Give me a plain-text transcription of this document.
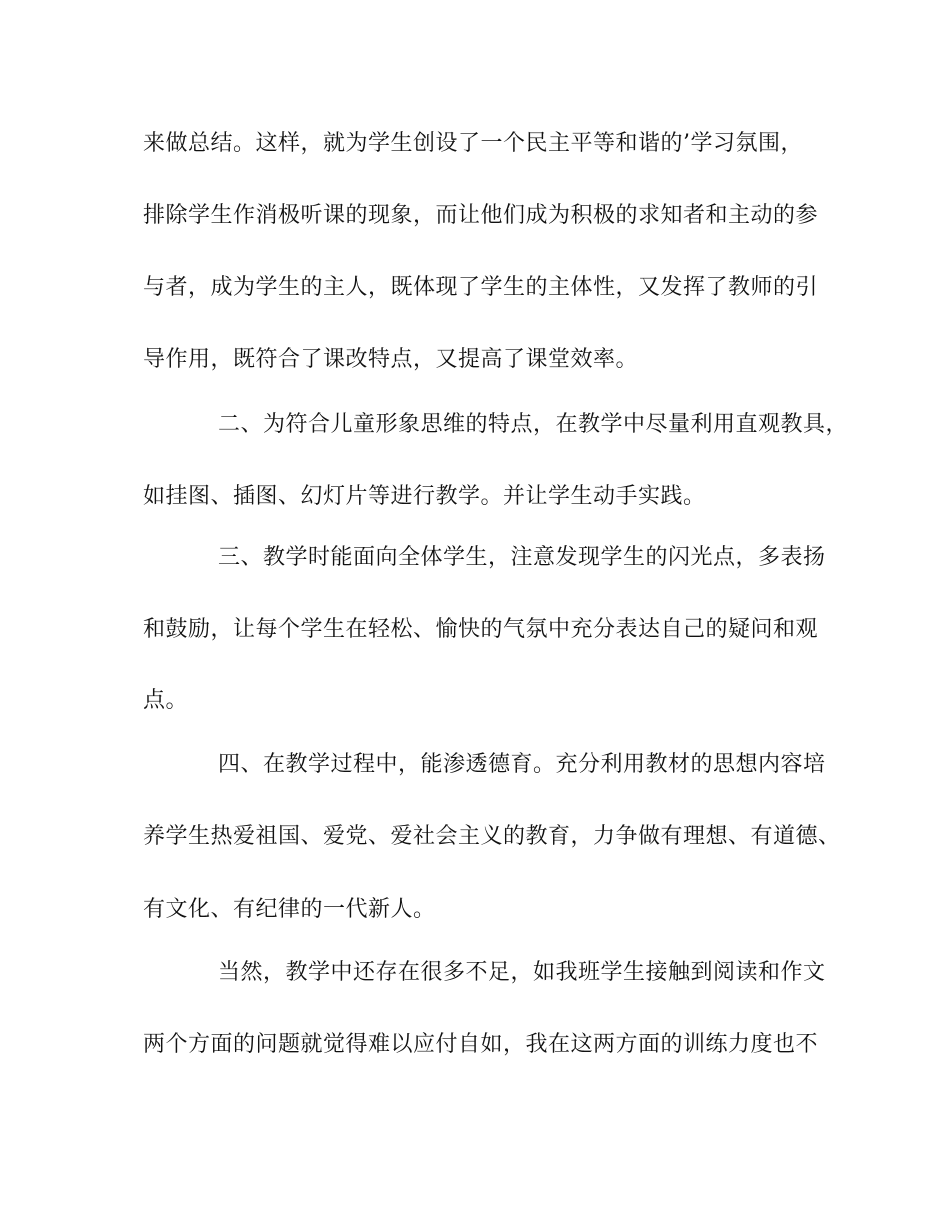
来做总结。这样，就为学生创设了一个民主平等和谐的’学习氛围，
排除学生作消极听课的现象，而让他们成为积极的求知者和主动的参
与者，成为学生的主人，既体现了学生的主体性，又发挥了教师的引
导作用，既符合了课改特点，又提高了课堂效率。
二、为符合儿童形象思维的特点，在教学中尽量利用直观教具，
如挂图、插图、幻灯片等进行教学。并让学生动手实践。
三、教学时能面向全体学生，注意发现学生的闪光点，多表扬
和鼓励，让每个学生在轻松、愉快的气氛中充分表达自己的疑问和观
点。
四、在教学过程中，能渗透德育。充分利用教材的思想内容培
养学生热爱祖国、爱党、爱社会主义的教育，力争做有理想、有道德、
有文化、有纪律的一代新人。
当然，教学中还存在很多不足，如我班学生接触到阅读和作文
两个方面的问题就觉得难以应付自如，我在这两方面的训练力度也不
